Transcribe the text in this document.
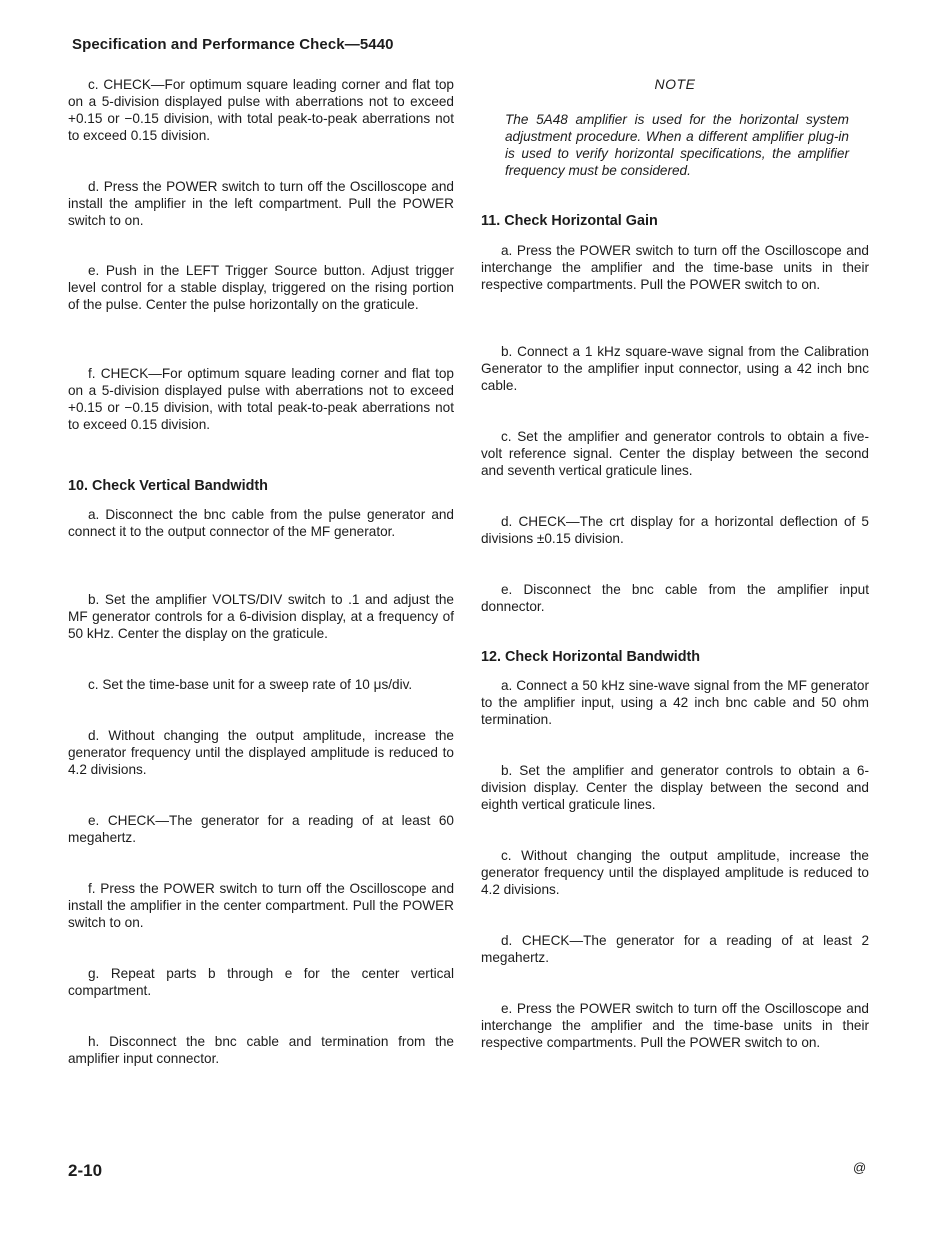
Specification and Performance Check—5440

c. CHECK—For optimum square leading corner and flat top on a 5-division displayed pulse with aberrations not to exceed +0.15 or −0.15 division, with total peak-to-peak aberrations not to exceed 0.15 division.

d. Press the POWER switch to turn off the Oscilloscope and install the amplifier in the left compartment. Pull the POWER switch to on.

e. Push in the LEFT Trigger Source button. Adjust trigger level control for a stable display, triggered on the rising portion of the pulse. Center the pulse horizontally on the graticule.

f. CHECK—For optimum square leading corner and flat top on a 5-division displayed pulse with aberrations not to exceed +0.15 or −0.15 division, with total peak-to-peak aberrations not to exceed 0.15 division.

10. Check Vertical Bandwidth

a. Disconnect the bnc cable from the pulse generator and connect it to the output connector of the MF generator.

b. Set the amplifier VOLTS/DIV switch to .1 and adjust the MF generator controls for a 6-division display, at a frequency of 50 kHz. Center the display on the graticule.

c. Set the time-base unit for a sweep rate of 10 μs/div.

d. Without changing the output amplitude, increase the generator frequency until the displayed amplitude is reduced to 4.2 divisions.

e. CHECK—The generator for a reading of at least 60 megahertz.

f. Press the POWER switch to turn off the Oscilloscope and install the amplifier in the center compartment. Pull the POWER switch to on.

g. Repeat parts b through e for the center vertical compartment.

h. Disconnect the bnc cable and termination from the amplifier input connector.

NOTE

The 5A48 amplifier is used for the horizontal system adjustment procedure. When a different amplifier plug-in is used to verify horizontal specifications, the amplifier frequency must be considered.

11. Check Horizontal Gain

a. Press the POWER switch to turn off the Oscilloscope and interchange the amplifier and the time-base units in their respective compartments. Pull the POWER switch to on.

b. Connect a 1 kHz square-wave signal from the Calibration Generator to the amplifier input connector, using a 42 inch bnc cable.

c. Set the amplifier and generator controls to obtain a five-volt reference signal. Center the display between the second and seventh vertical graticule lines.

d. CHECK—The crt display for a horizontal deflection of 5 divisions ±0.15 division.

e. Disconnect the bnc cable from the amplifier input donnector.

12. Check Horizontal Bandwidth

a. Connect a 50 kHz sine-wave signal from the MF generator to the amplifier input, using a 42 inch bnc cable and 50 ohm termination.

b. Set the amplifier and generator controls to obtain a 6-division display. Center the display between the second and eighth vertical graticule lines.

c. Without changing the output amplitude, increase the generator frequency until the displayed amplitude is reduced to 4.2 divisions.

d. CHECK—The generator for a reading of at least 2 megahertz.

e. Press the POWER switch to turn off the Oscilloscope and interchange the amplifier and the time-base units in their respective compartments. Pull the POWER switch to on.

2-10	@
